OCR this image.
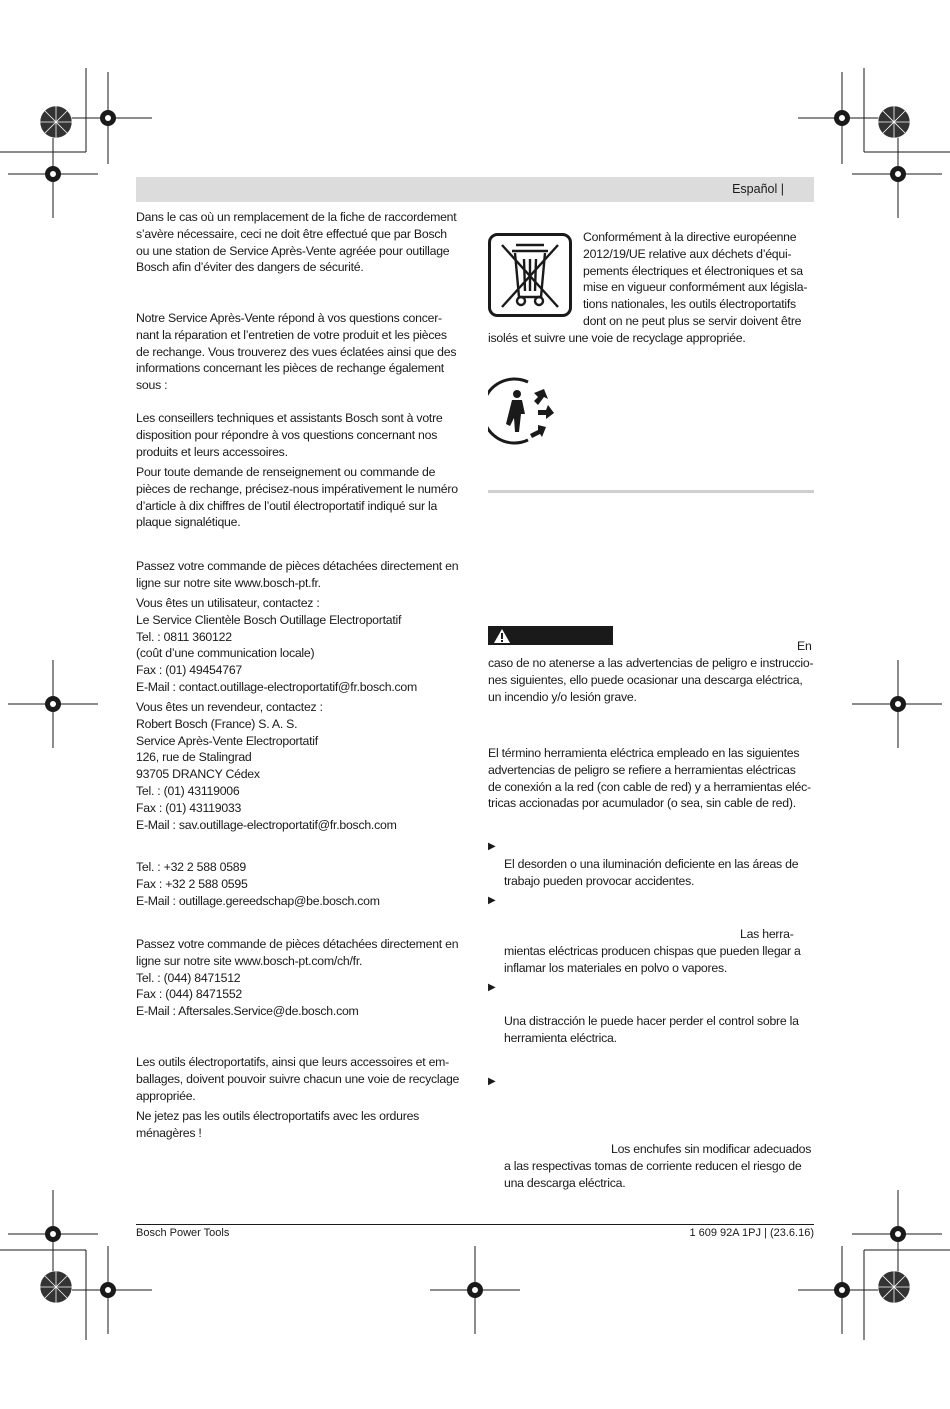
Español |

Dans le cas où un remplacement de la fiche de raccordement

s’avère nécessaire, ceci ne doit être effectué que par Bosch

ou une station de Service Après-Vente agréée pour outillage

Bosch afin d’éviter des dangers de sécurité.

Notre Service Après-Vente répond à vos questions concer-

nant la réparation et l’entretien de votre produit et les pièces

de rechange. Vous trouverez des vues éclatées ainsi que des

informations concernant les pièces de rechange également

sous :

Les conseillers techniques et assistants Bosch sont à votre

disposition pour répondre à vos questions concernant nos

produits et leurs accessoires.

Pour toute demande de renseignement ou commande de

pièces de rechange, précisez-nous impérativement le numéro

d’article à dix chiffres de l’outil électroportatif indiqué sur la

plaque signalétique.

Passez votre commande de pièces détachées directement en

ligne sur notre site www.bosch-pt.fr.

Vous êtes un utilisateur, contactez :

Le Service Clientèle Bosch Outillage Electroportatif

Tel. : 0811 360122

(coût d’une communication locale)

Fax : (01) 49454767

E-Mail : contact.outillage-electroportatif@fr.bosch.com

Vous êtes un revendeur, contactez :

Robert Bosch (France) S. A. S.

Service Après-Vente Electroportatif

126, rue de Stalingrad

93705 DRANCY Cédex

Tel. : (01) 43119006

Fax : (01) 43119033

E-Mail : sav.outillage-electroportatif@fr.bosch.com

Tel. : +32 2 588 0589

Fax : +32 2 588 0595

E-Mail : outillage.gereedschap@be.bosch.com

Passez votre commande de pièces détachées directement en

ligne sur notre site www.bosch-pt.com/ch/fr.

Tel. : (044) 8471512

Fax : (044) 8471552

E-Mail : Aftersales.Service@de.bosch.com

Les outils électroportatifs, ainsi que leurs accessoires et em-

ballages, doivent pouvoir suivre chacun une voie de recyclage

appropriée.

Ne jetez pas les outils électroportatifs avec les ordures

ménagères !

Conformément à la directive européenne

2012/19/UE relative aux déchets d’équi-

pements électriques et électroniques et sa

mise en vigueur conformément aux législa-

tions nationales, les outils électroportatifs

dont on ne peut plus se servir doivent être

isolés et suivre une voie de recyclage appropriée.

En

caso de no atenerse a las advertencias de peligro e instruccio-

nes siguientes, ello puede ocasionar una descarga eléctrica,

un incendio y/o lesión grave.

El término herramienta eléctrica empleado en las siguientes

advertencias de peligro se refiere a herramientas eléctricas

de conexión a la red (con cable de red) y a herramientas eléc-

tricas accionadas por acumulador (o sea, sin cable de red).

▶

El desorden o una iluminación deficiente en las áreas de

trabajo pueden provocar accidentes.

▶

Las herra-

mientas eléctricas producen chispas que pueden llegar a

inflamar los materiales en polvo o vapores.

▶

Una distracción le puede hacer perder el control sobre la

herramienta eléctrica.

▶

Los enchufes sin modificar adecuados

a las respectivas tomas de corriente reducen el riesgo de

una descarga eléctrica.

Bosch Power Tools	1 609 92A 1PJ | (23.6.16)
